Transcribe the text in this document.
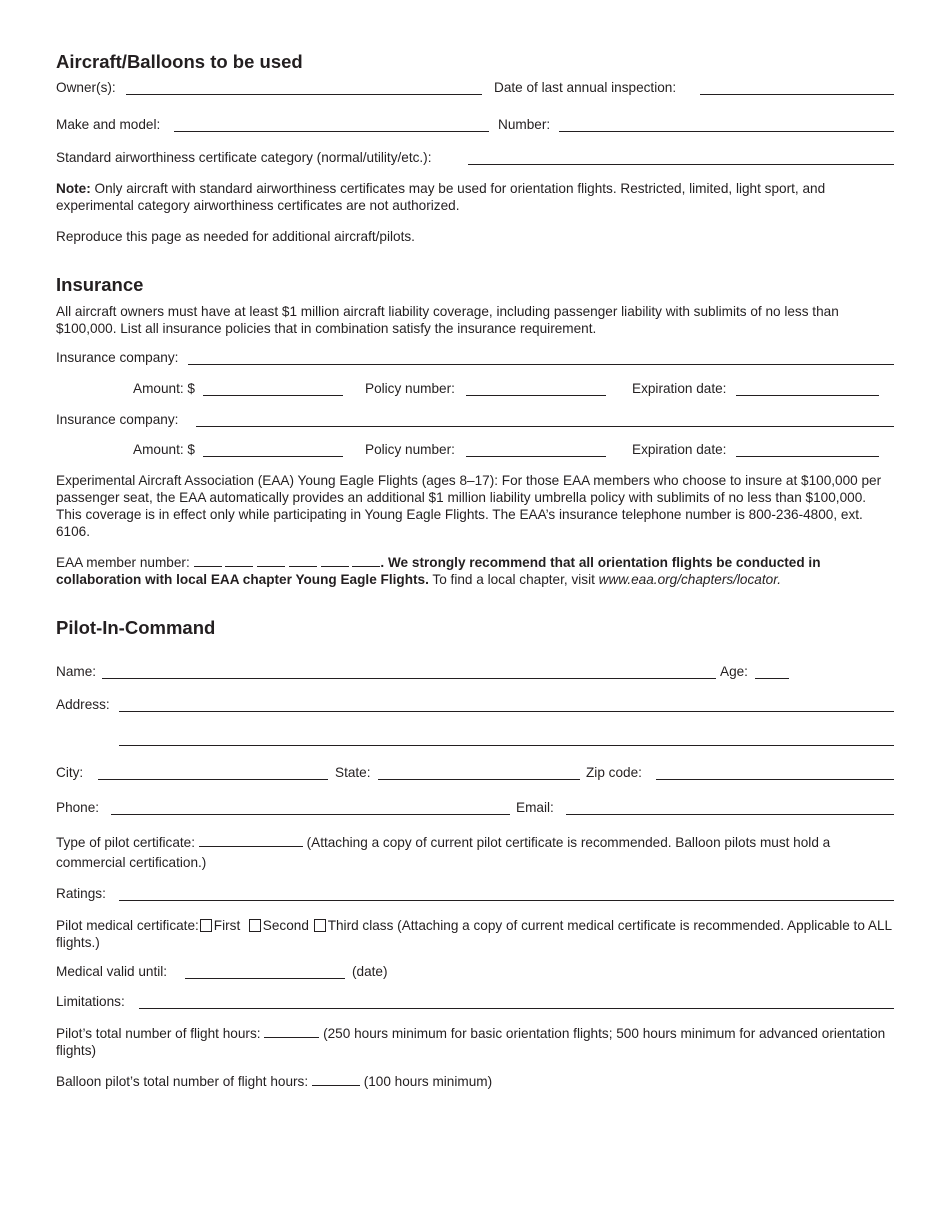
Aircraft/Balloons to be used
Owner(s):	Date of last annual inspection:
Make and model:	Number:
Standard airworthiness certificate category (normal/utility/etc.):
Note: Only aircraft with standard airworthiness certificates may be used for orientation flights. Restricted, limited, light sport, and experimental category airworthiness certificates are not authorized.
Reproduce this page as needed for additional aircraft/pilots.
Insurance
All aircraft owners must have at least $1 million aircraft liability coverage, including passenger liability with sublimits of no less than $100,000. List all insurance policies that in combination satisfy the insurance requirement.
Insurance company:
Amount: $	Policy number:	Expiration date:
Insurance company:
Amount: $	Policy number:	Expiration date:
Experimental Aircraft Association (EAA) Young Eagle Flights (ages 8–17): For those EAA members who choose to insure at $100,000 per passenger seat, the EAA automatically provides an additional $1 million liability umbrella policy with sublimits of no less than $100,000. This coverage is in effect only while participating in Young Eagle Flights. The EAA’s insurance telephone number is 800-236-4800, ext. 6106.
EAA member number:	. We strongly recommend that all orientation flights be conducted in collaboration with local EAA chapter Young Eagle Flights. To find a local chapter, visit www.eaa.org/chapters/locator.
Pilot-In-Command
Name:	Age:
Address:
City:	State:	Zip code:
Phone:	Email:
Type of pilot certificate:	(Attaching a copy of current pilot certificate is recommended. Balloon pilots must hold a commercial certification.)
Ratings:
Pilot medical certificate: First Second Third class (Attaching a copy of current medical certificate is recommended. Applicable to ALL flights.)
Medical valid until:	(date)
Limitations:
Pilot’s total number of flight hours:	(250 hours minimum for basic orientation flights; 500 hours minimum for advanced orientation flights)
Balloon pilot’s total number of flight hours:	(100 hours minimum)
